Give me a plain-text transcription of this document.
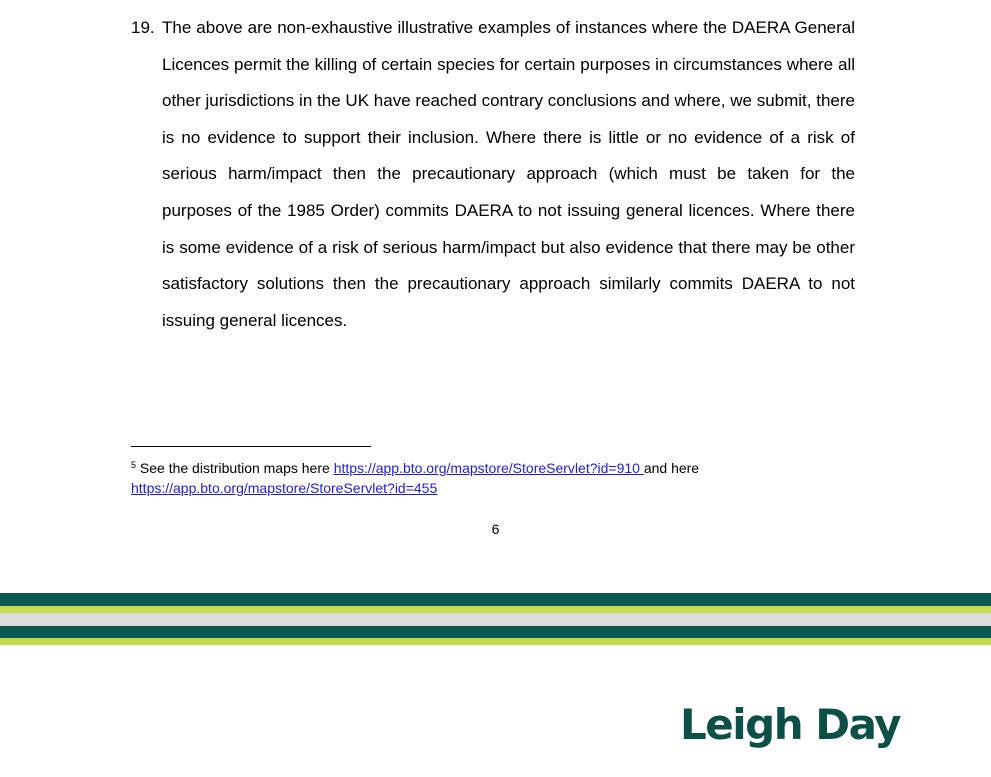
19. The above are non-exhaustive illustrative examples of instances where the DAERA General Licences permit the killing of certain species for certain purposes in circumstances where all other jurisdictions in the UK have reached contrary conclusions and where, we submit, there is no evidence to support their inclusion. Where there is little or no evidence of a risk of serious harm/impact then the precautionary approach (which must be taken for the purposes of the 1985 Order) commits DAERA to not issuing general licences. Where there is some evidence of a risk of serious harm/impact but also evidence that there may be other satisfactory solutions then the precautionary approach similarly commits DAERA to not issuing general licences.
$^5$ See the distribution maps here https://app.bto.org/mapstore/StoreServlet?id=910 and here
https://app.bto.org/mapstore/StoreServlet?id=455
6
Leigh Day
